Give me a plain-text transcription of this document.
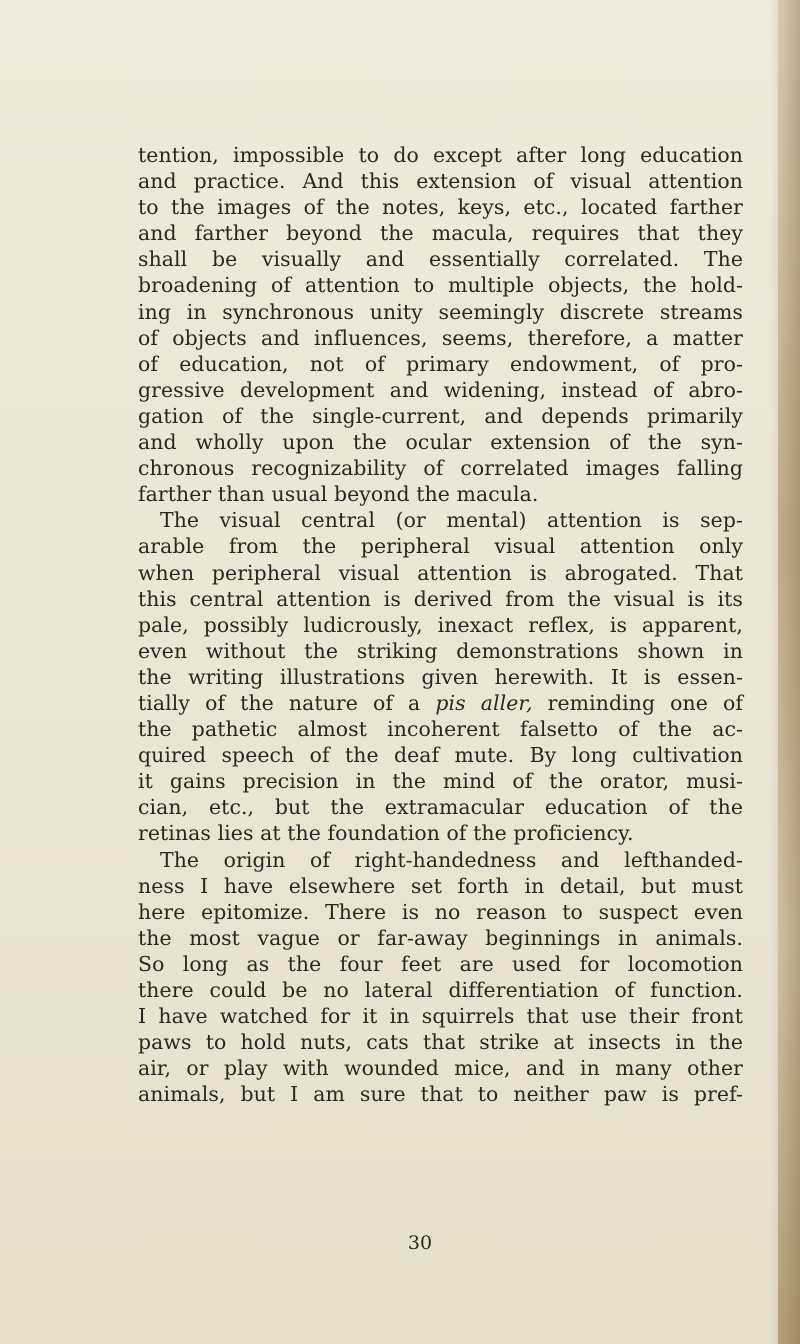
tention, impossible to do except after long education
and practice. And this extension of visual attention
to the images of the notes, keys, etc., located farther
and farther beyond the macula, requires that they
shall be visually and essentially correlated. The
broadening of attention to multiple objects, the hold-
ing in synchronous unity seemingly discrete streams
of objects and influences, seems, therefore, a matter
of education, not of primary endowment, of pro-
gressive development and widening, instead of abro-
gation of the single-current, and depends primarily
and wholly upon the ocular extension of the syn-
chronous recognizability of correlated images falling
farther than usual beyond the macula.
The visual central (or mental) attention is sep-
arable from the peripheral visual attention only
when peripheral visual attention is abrogated. That
this central attention is derived from the visual is its
pale, possibly ludicrously, inexact reflex, is apparent,
even without the striking demonstrations shown in
the writing illustrations given herewith. It is essen-
tially of the nature of a pis aller, reminding one of
the pathetic almost incoherent falsetto of the ac-
quired speech of the deaf mute. By long cultivation
it gains precision in the mind of the orator, musi-
cian, etc., but the extramacular education of the
retinas lies at the foundation of the proficiency.
The origin of right-handedness and lefthanded-
ness I have elsewhere set forth in detail, but must
here epitomize. There is no reason to suspect even
the most vague or far-away beginnings in animals.
So long as the four feet are used for locomotion
there could be no lateral differentiation of function.
I have watched for it in squirrels that use their front
paws to hold nuts, cats that strike at insects in the
air, or play with wounded mice, and in many other
animals, but I am sure that to neither paw is pref-
30
